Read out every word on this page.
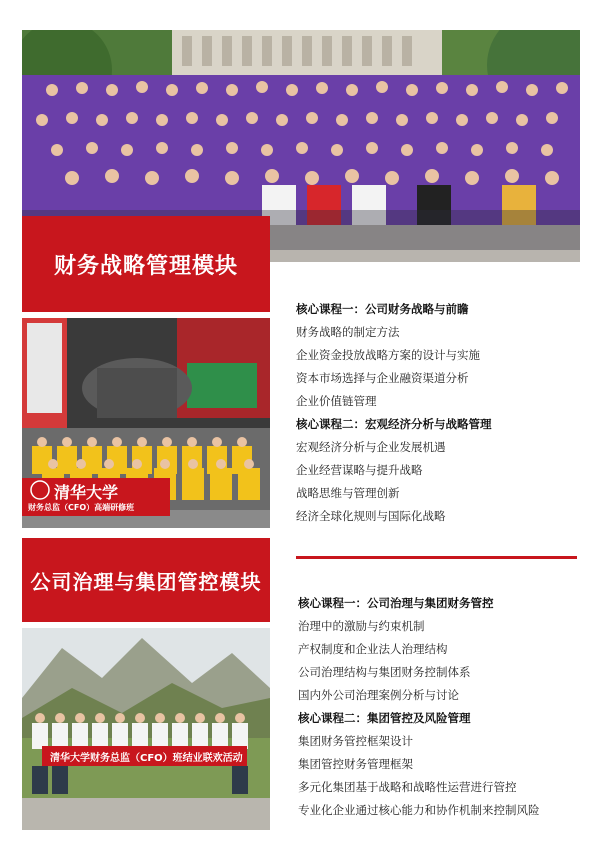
财务战略管理模块
清华大学
财务总监（CFO）高端研修班
核心课程一：公司财务战略与前瞻
财务战略的制定方法
企业资金投放战略方案的设计与实施
资本市场选择与企业融资渠道分析
企业价值链管理
核心课程二：宏观经济分析与战略管理
宏观经济分析与企业发展机遇
企业经营谋略与提升战略
战略思维与管理创新
经济全球化规则与国际化战略
公司治理与集团管控模块
清华大学财务总监（CFO）班结业联欢活动
核心课程一：公司治理与集团财务管控
治理中的激励与约束机制
产权制度和企业法人治理结构
公司治理结构与集团财务控制体系
国内外公司治理案例分析与讨论
核心课程二：集团管控及风险管理
集团财务管控框架设计
集团管控财务管理框架
多元化集团基于战略和战略性运营进行管控
专业化企业通过核心能力和协作机制来控制风险
